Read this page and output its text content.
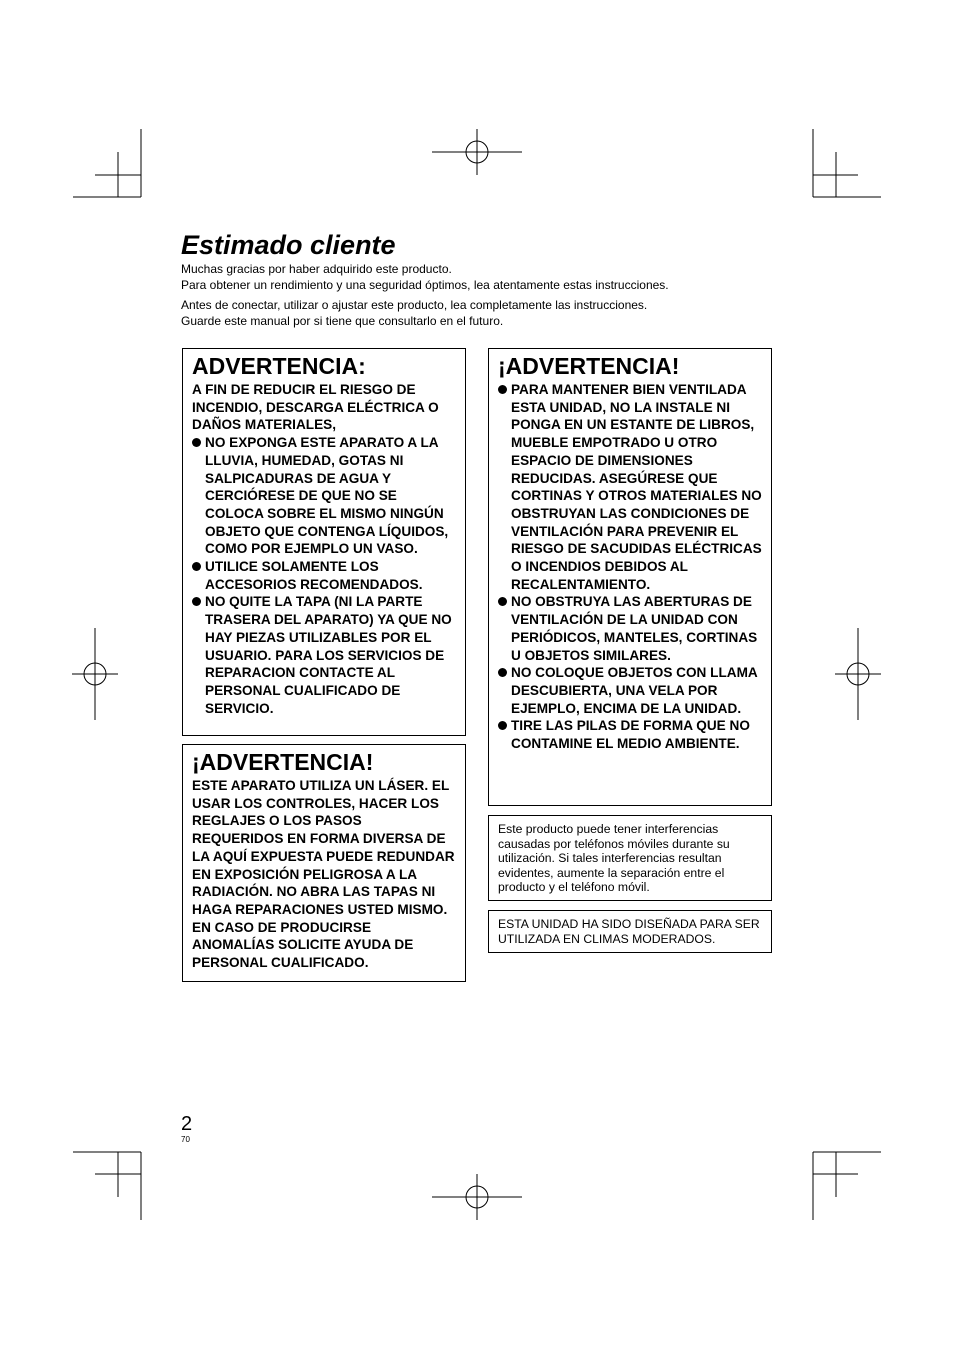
Estimado cliente

Muchas gracias por haber adquirido este producto.

Para obtener un rendimiento y una seguridad óptimos, lea atentamente estas instrucciones.

Antes de conectar, utilizar o ajustar este producto, lea completamente las instrucciones.

Guarde este manual por si tiene que consultarlo en el futuro.

ADVERTENCIA:

A FIN DE REDUCIR EL RIESGO DE INCENDIO, DESCARGA ELÉCTRICA O DAÑOS MATERIALES,

NO EXPONGA ESTE APARATO A LA LLUVIA, HUMEDAD, GOTAS NI SALPICADURAS DE AGUA Y CERCIÓRESE DE QUE NO SE COLOCA SOBRE EL MISMO NINGÚN OBJETO QUE CONTENGA LÍQUIDOS, COMO POR EJEMPLO UN VASO.
UTILICE SOLAMENTE LOS ACCESORIOS RECOMENDADOS.
NO QUITE LA TAPA (NI LA PARTE TRASERA DEL APARATO) YA QUE NO HAY PIEZAS UTILIZABLES POR EL USUARIO. PARA LOS SERVICIOS DE REPARACION CONTACTE AL PERSONAL CUALIFICADO DE SERVICIO.
¡ADVERTENCIA!

ESTE APARATO UTILIZA UN LÁSER. EL USAR LOS CONTROLES, HACER LOS REGLAJES O LOS PASOS REQUERIDOS EN FORMA DIVERSA DE LA AQUÍ EXPUESTA PUEDE REDUNDAR EN EXPOSICIÓN PELIGROSA A LA RADIACIÓN. NO ABRA LAS TAPAS NI HAGA REPARACIONES USTED MISMO. EN CASO DE PRODUCIRSE ANOMALÍAS SOLICITE AYUDA DE PERSONAL CUALIFICADO.

¡ADVERTENCIA!
PARA MANTENER BIEN VENTILADA ESTA UNIDAD, NO LA INSTALE NI PONGA EN UN ESTANTE DE LIBROS, MUEBLE EMPOTRADO U OTRO ESPACIO DE DIMENSIONES REDUCIDAS. ASEGÚRESE QUE CORTINAS Y OTROS MATERIALES NO OBSTRUYAN LAS CONDICIONES DE VENTILACIÓN PARA PREVENIR EL RIESGO DE SACUDIDAS ELÉCTRICAS O INCENDIOS DEBIDOS AL RECALENTAMIENTO.
NO OBSTRUYA LAS ABERTURAS DE VENTILACIÓN DE LA UNIDAD CON PERIÓDICOS, MANTELES, CORTINAS U OBJETOS SIMILARES.
NO COLOQUE OBJETOS CON LLAMA DESCUBIERTA, UNA VELA POR EJEMPLO, ENCIMA DE LA UNIDAD.
TIRE LAS PILAS DE FORMA QUE NO CONTAMINE EL MEDIO AMBIENTE.

Este producto puede tener interferencias causadas por teléfonos móviles durante su utilización. Si tales interferencias resultan evidentes, aumente la separación entre el producto y el teléfono móvil.

ESTA UNIDAD HA SIDO DISEÑADA PARA SER UTILIZADA EN CLIMAS MODERADOS.

2
70
